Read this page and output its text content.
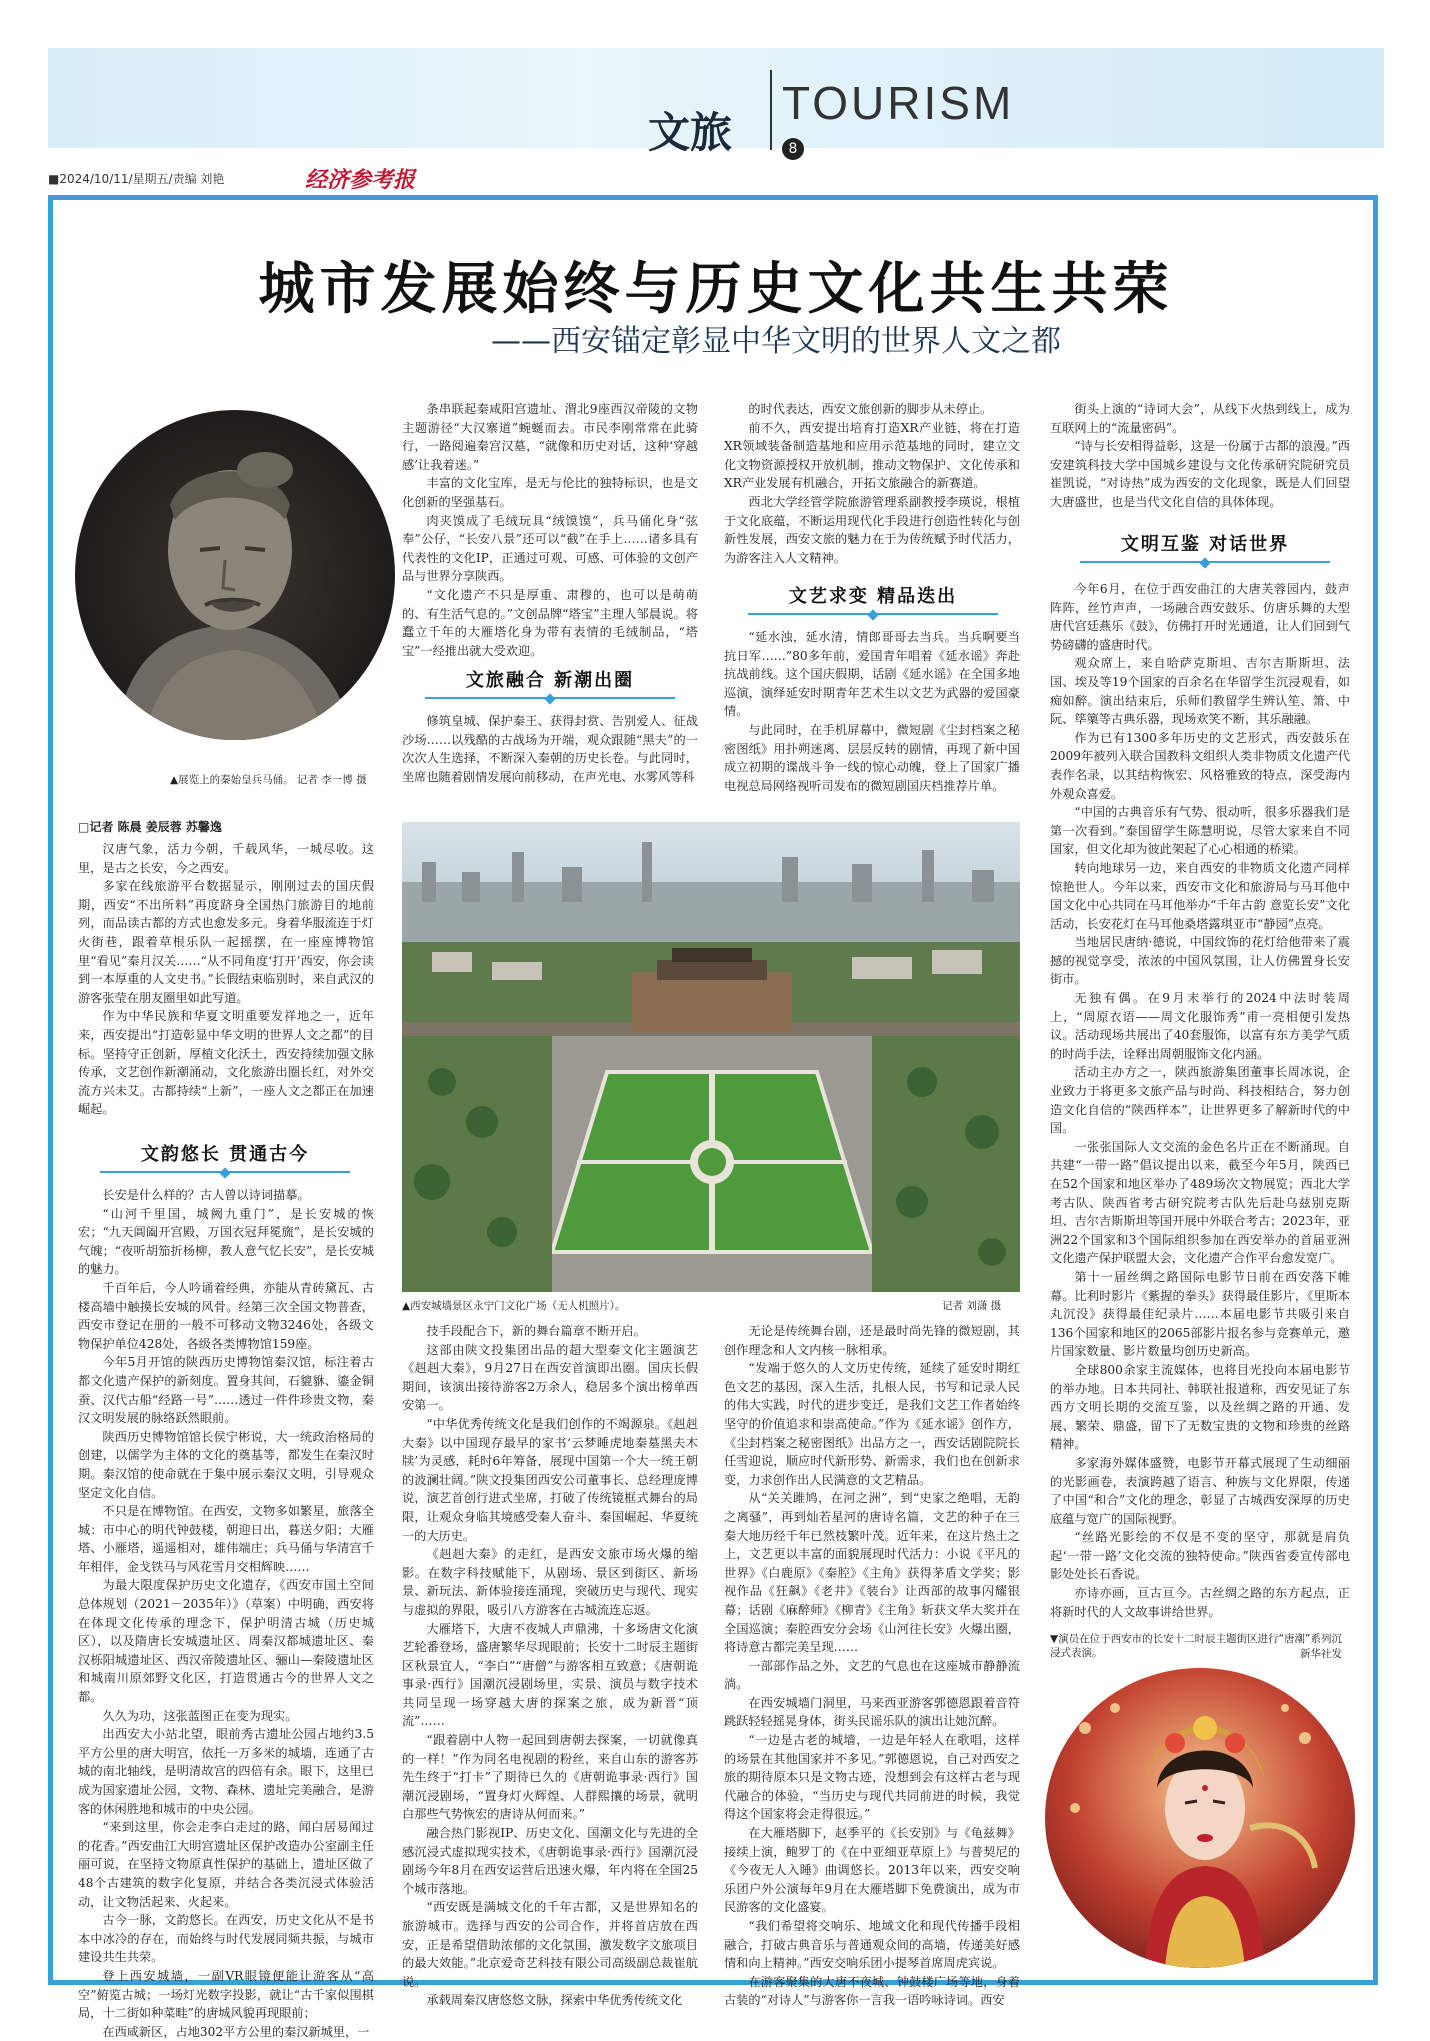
文旅
TOURISM
8
■2024/10/11/星期五/责编 刘艳	经济参考报
城市发展始终与历史文化共生共荣
——西安锚定彰显中华文明的世界人文之都
▲展览上的秦始皇兵马俑。 记者 李一博 摄
□记者 陈晨 姜辰蓉 苏馨逸

汉唐气象，活力今朝，千载风华，一城尽收。这里，是古之长安，今之西安。

多家在线旅游平台数据显示，刚刚过去的国庆假期，西安“不出所料”再度跻身全国热门旅游目的地前列，而品读古都的方式也愈发多元。身着华服流连于灯火街巷，跟着草根乐队一起摇摆，在一座座博物馆里“看见”秦月汉关……“从不同角度‘打开’西安，你会读到一本厚重的人文史书。”长假结束临别时，来自武汉的游客张莹在朋友圈里如此写道。

作为中华民族和华夏文明重要发祥地之一，近年来，西安提出“打造彰显中华文明的世界人文之都”的目标。坚持守正创新，厚植文化沃土，西安持续加强文脉传承，文艺创作新潮涌动，文化旅游出圈长红，对外交流方兴未艾。古都持续“上新”，一座人文之都正在加速崛起。

文韵悠长 贯通古今

长安是什么样的？古人曾以诗词描摹。

“山河千里国，城阙九重门”，是长安城的恢宏；“九天阊阖开宫殿，万国衣冠拜冕旒”，是长安城的气魄；“夜听胡笳折杨柳，教人意气忆长安”，是长安城的魅力。

千百年后，今人吟诵着经典，亦能从青砖黛瓦、古楼高墙中触摸长安城的风骨。经第三次全国文物普查，西安市登记在册的一般不可移动文物3246处，各级文物保护单位428处，各级各类博物馆159座。

今年5月开馆的陕西历史博物馆秦汉馆，标注着古都文化遗产保护的新刻度。置身其间，石貔貅、鎏金铜蚕、汉代古船“经路一号”……透过一件件珍贵文物，秦汉文明发展的脉络跃然眼前。

陕西历史博物馆馆长侯宁彬说，大一统政治格局的创建，以儒学为主体的文化的奠基等，都发生在秦汉时期。秦汉馆的使命就在于集中展示秦汉文明，引导观众坚定文化自信。

不只是在博物馆。在西安，文物多如繁星，旅落全城：市中心的明代钟鼓楼，朝迎日出，暮送夕阳；大雁塔、小雁塔，遥遥相对，雄伟端庄；兵马俑与华清宫千年相伴，金戈铁马与风花雪月交相辉映……

为最大限度保护历史文化遗存，《西安市国土空间总体规划（2021－2035年）》（草案）中明确，西安将在体现文化传承的理念下，保护明清古城（历史城区），以及隋唐长安城遗址区、周秦汉都城遗址区、秦汉栎阳城遗址区、西汉帝陵遗址区、骊山—秦陵遗址区和城南川原郊野文化区，打造贯通古今的世界人文之都。

久久为功，这张蓝图正在变为现实。

出西安大小站北望，眼前秀古遗址公园占地约3.5平方公里的唐大明宫，依托一万多米的城墙，连通了古城的南北轴线，是明清故宫的四倍有余。眼下，这里已成为国家遗址公园，文物、森林、遗址完美融合，是游客的休闲胜地和城市的中央公园。

“来到这里，你会走李白走过的路，闻白居易闻过的花香。”西安曲江大明宫遗址区保护改造办公室副主任丽可说，在坚持文物原真性保护的基础上，遗址区做了48个古建筑的数字化复原，并结合各类沉浸式体验活动，让文物活起来、火起来。

古今一脉，文韵悠长。在西安，历史文化从不是书本中冰冷的存在，而始终与时代发展同频共振，与城市建设共生共荣。

登上西安城墙，一副VR眼镜便能让游客从“高空”俯览古城；一场灯光数字投影，就让“古千家似围棋局，十二街如种菜畦”的唐城风貌再现眼前；

在西咸新区，占地302平方公里的秦汉新城里，一

条串联起秦咸阳宫遗址、渭北9座西汉帝陵的文物主题游径“大汉寨道”蜿蜒而去。市民李刚常常在此骑行，一路阅遍秦宫汉墓，“就像和历史对话，这种‘穿越感’让我着迷。”

丰富的文化宝库，是无与伦比的独特标识，也是文化创新的坚强基石。

肉夹馍成了毛绒玩具“绒馍馍”，兵马俑化身“弦奉”公仔，“长安八景”还可以“截”在手上……诸多具有代表性的文化IP，正通过可观、可感、可体验的文创产品与世界分享陕西。

“文化遗产不只是厚重、肃穆的，也可以是萌萌的、有生活气息的。”文创品牌“塔宝”主理人邹晨说。将蠢立千年的大雁塔化身为带有表情的毛绒制品，“塔宝”一经推出就大受欢迎。

文旅融合 新潮出圈

修筑皇城、保护秦王、获得封赏、告别爱人、征战沙场……以残酷的古战场为开端，观众跟随“黑夫”的一次次人生选择，不断深入秦朝的历史长卷。与此同时，坐席也随着剧情发展向前移动，在声光电、水雾风等科

的时代表达，西安文旅创新的脚步从未停止。

前不久，西安提出培育打造XR产业链，将在打造XR领域装备制造基地和应用示范基地的同时，建立文化文物资源授权开放机制，推动文物保护、文化传承和XR产业发展有机融合，开拓文旅融合的新赛道。

西北大学经管学院旅游管理系副教授李瑛说，根植于文化底蕴，不断运用现代化手段进行创造性转化与创新性发展，西安文旅的魅力在于为传统赋予时代活力，为游客注入人文精神。

文艺求变 精品迭出

“延水浊，延水清，情郎哥哥去当兵。当兵啊要当抗日军……”80多年前，爱国青年唱着《延水谣》奔赴抗战前线。这个国庆假期，话剧《延水谣》在全国多地巡演，演绎延安时期青年艺术生以文艺为武器的爱国豪情。

与此同时，在手机屏幕中，微短剧《尘封档案之秘密图纸》用扑朔迷离、层层反转的剧情，再现了新中国成立初期的谍战斗争一线的惊心动魄，登上了国家广播电视总局网络视听司发布的微短剧国庆档推荐片单。

▲西安城墙景区永宁门文化广场（无人机照片）。	记者 刘潇 摄

技手段配合下，新的舞台篇章不断开启。

这部由陕文投集团出品的超大型秦文化主题演艺《赳赳大秦》，9月27日在西安首演即出圈。国庆长假期间，该演出接待游客2万余人，稳居多个演出榜单西安第一。

“中华优秀传统文化是我们创作的不竭源泉。《赳赳大秦》以中国现存最早的家书‘云梦睡虎地秦墓黑夫木牍’为灵感，耗时6年筹备，展现中国第一个大一统王朝的波澜壮阔。”陕文投集团西安公司董事长、总经理庞博说，演艺首创行进式坐席，打破了传统镜框式舞台的局限，让观众身临其境感受秦人奋斗、秦国崛起、华夏统一的大历史。

《赳赳大秦》的走红，是西安文旅市场火爆的缩影。在数字科技赋能下，从剧场、景区到街区、新场景、新玩法、新体验接连涌现，突破历史与现代、现实与虚拟的界限，吸引八方游客在古城流连忘返。

大雁塔下，大唐不夜城人声鼎沸，十多场唐文化演艺轮番登场，盛唐繁华尽现眼前；长安十二时辰主题街区秋景宜人，“李白”“唐僧”与游客相互致意；《唐朝诡事录·西行》国潮沉浸剧场里，实景、演员与数字技术共同呈现一场穿越大唐的探案之旅，成为新晋“顶流”……

“跟着剧中人物一起回到唐朝去探案，一切就像真的一样！”作为同名电视剧的粉丝，来自山东的游客苏先生终于“打卡”了期待已久的《唐朝诡事录·西行》国潮沉浸剧场，“置身灯火辉煌、人群熙攘的场景，就明白那些气势恢宏的唐诗从何而来。”

融合热门影视IP、历史文化、国潮文化与先进的全感沉浸式虚拟现实技术，《唐朝诡事录·西行》国潮沉浸剧场今年8月在西安运营后迅速火爆，年内将在全国25个城市落地。

“西安既是满城文化的千年古都，又是世界知名的旅游城市。选择与西安的公司合作，并将首店放在西安，正是希望借助浓郁的文化氛围，激发数字文旅项目的最大效能。”北京爱奇艺科技有限公司高级副总裁崔航说。

承载周秦汉唐悠悠文脉，探索中华优秀传统文化

无论是传统舞台剧，还是最时尚先锋的微短剧，其创作理念和人文内核一脉相承。

“发端于悠久的人文历史传统，延续了延安时期红色文艺的基因，深入生活，扎根人民，书写和记录人民的伟大实践，时代的进步变迁，是我们文艺工作者始终坚守的价值追求和崇高使命。”作为《延水谣》创作方，《尘封档案之秘密图纸》出品方之一，西安话剧院院长任雪迎说，顺应时代新形势、新需求，我们也在创新求变，力求创作出人民满意的文艺精品。

从“关关雎鸠，在河之洲”，到“史家之绝唱，无韵之离骚”，再到灿若星河的唐诗名篇，文艺的种子在三秦大地历经千年已然枝繁叶茂。近年来，在这片热土之上，文艺更以丰富的面貌展现时代活力：小说《平凡的世界》《白鹿原》《秦腔》《主角》获得茅盾文学奖；影视作品《狂飙》《老井》《装台》让西部的故事闪耀银幕；话剧《麻醉师》《柳青》《主角》斩获文华大奖并在全国巡演；秦腔西安分会场《山河往长安》火爆出圈，将诗意古都完美呈现……

一部部作品之外，文艺的气息也在这座城市静静流淌。

在西安城墙门洞里，马来西亚游客郭德恩跟着音符跳跃轻轻摇晃身体，街头民谣乐队的演出让她沉醉。

“一边是古老的城墙，一边是年轻人在歌唱，这样的场景在其他国家并不多见。”郭德恩说，自己对西安之旅的期待原本只是文物古迹，没想到会有这样古老与现代融合的体验，“当历史与现代共同前进的时候，我觉得这个国家将会走得很远。”

在大雁塔脚下，赵季平的《长安别》与《龟兹舞》接续上演，鲍罗丁的《在中亚细亚草原上》与普契尼的《今夜无人入睡》曲调悠长。2013年以来，西安交响乐团户外公演每年9月在大雁塔脚下免费演出，成为市民游客的文化盛宴。

“我们希望将交响乐、地域文化和现代传播手段相融合，打破古典音乐与普通观众间的高墙，传递美好感情和向上精神。”西安交响乐团小提琴首席周虎宾说。

在游客聚集的大唐不夜城、钟鼓楼广场等地，身着古装的“对诗人”与游客你一言我一语吟咏诗词。西安

街头上演的“诗词大会”，从线下火热到线上，成为互联网上的“流量密码”。

“诗与长安相得益彰，这是一份属于古都的浪漫。”西安建筑科技大学中国城乡建设与文化传承研究院研究员崔凯说，“对诗热”成为西安的文化现象，既是人们回望大唐盛世，也是当代文化自信的具体体现。

文明互鉴 对话世界

今年6月，在位于西安曲江的大唐芙蓉园内，鼓声阵阵，丝竹声声，一场融合西安鼓乐、仿唐乐舞的大型唐代宫廷燕乐《鼓》，仿佛打开时光通道，让人们回到气势磅礴的盛唐时代。

观众席上，来自哈萨克斯坦、吉尔吉斯斯坦、法国、埃及等19个国家的百余名在华留学生沉浸观看，如痴如醉。演出结束后，乐师们教留学生辨认笙、箫、中阮、筚篥等古典乐器，现场欢笑不断，其乐融融。

作为已有1300多年历史的文艺形式，西安鼓乐在2009年被列入联合国教科文组织人类非物质文化遗产代表作名录，以其结构恢宏、风格雅致的特点，深受海内外观众喜爱。

“中国的古典音乐有气势、很动听，很多乐器我们是第一次看到。”泰国留学生陈慧明说，尽管大家来自不同国家，但文化却为彼此架起了心心相通的桥梁。

转向地球另一边，来自西安的非物质文化遗产同样惊艳世人。今年以来，西安市文化和旅游局与马耳他中国文化中心共同在马耳他举办“千年古韵 意览长安”文化活动，长安花灯在马耳他桑塔露琪亚市“静园”点亮。

当地居民唐纳·德说，中国纹饰的花灯给他带来了震撼的视觉享受，浓浓的中国风氛围，让人仿佛置身长安街市。

无独有偶。在9月末举行的2024中法时装周上，“周原衣语——周文化服饰秀”甫一亮相便引发热议。活动现场共展出了40套服饰，以富有东方美学气质的时尚手法，诠释出周朝服饰文化内涵。

活动主办方之一，陕西旅游集团董事长周冰说，企业致力于将更多文旅产品与时尚、科技相结合，努力创造文化自信的“陕西样本”，让世界更多了解新时代的中国。

一张张国际人文交流的金色名片正在不断涌现。自共建“一带一路”倡议提出以来，截至今年5月，陕西已在52个国家和地区举办了489场次文物展览；西北大学考古队、陕西省考古研究院考古队先后赴乌兹别克斯坦、吉尔吉斯斯坦等国开展中外联合考古；2023年，亚洲22个国家和3个国际组织参加在西安举办的首届亚洲文化遗产保护联盟大会，文化遗产合作平台愈发宽广。

第十一届丝绸之路国际电影节日前在西安落下帷幕。比利时影片《紫握的拳头》获得最佳影片，《里斯本丸沉没》获得最佳纪录片……本届电影节共吸引来自136个国家和地区的2065部影片报名参与竞赛单元，邀片国家数量、影片数量均创历史新高。

全球800余家主流媒体，也将目光投向本届电影节的举办地。日本共同社、韩联社报道称，西安见证了东西方文明长期的交流互鉴，以及丝绸之路的开通、发展、繁荣、鼎盛，留下了无数宝贵的文物和珍贵的丝路精神。

多家海外媒体盛赞，电影节开幕式展现了生动细丽的光影画卷，表演跨越了语言、种族与文化界限，传递了中国“和合”文化的理念，彰显了古城西安深厚的历史底蕴与宽广的国际视野。

“丝路光影绘的不仅是不变的坚守，那就是肩负起‘一带一路’文化交流的独特使命。”陕西省委宣传部电影处处长石香说。

亦诗亦画，亘古亘今。古丝绸之路的东方起点，正将新时代的人文故事讲给世界。

▼演员在位于西安市的长安十二时辰主题街区进行“唐潮”系列沉浸式表演。	新华社发
